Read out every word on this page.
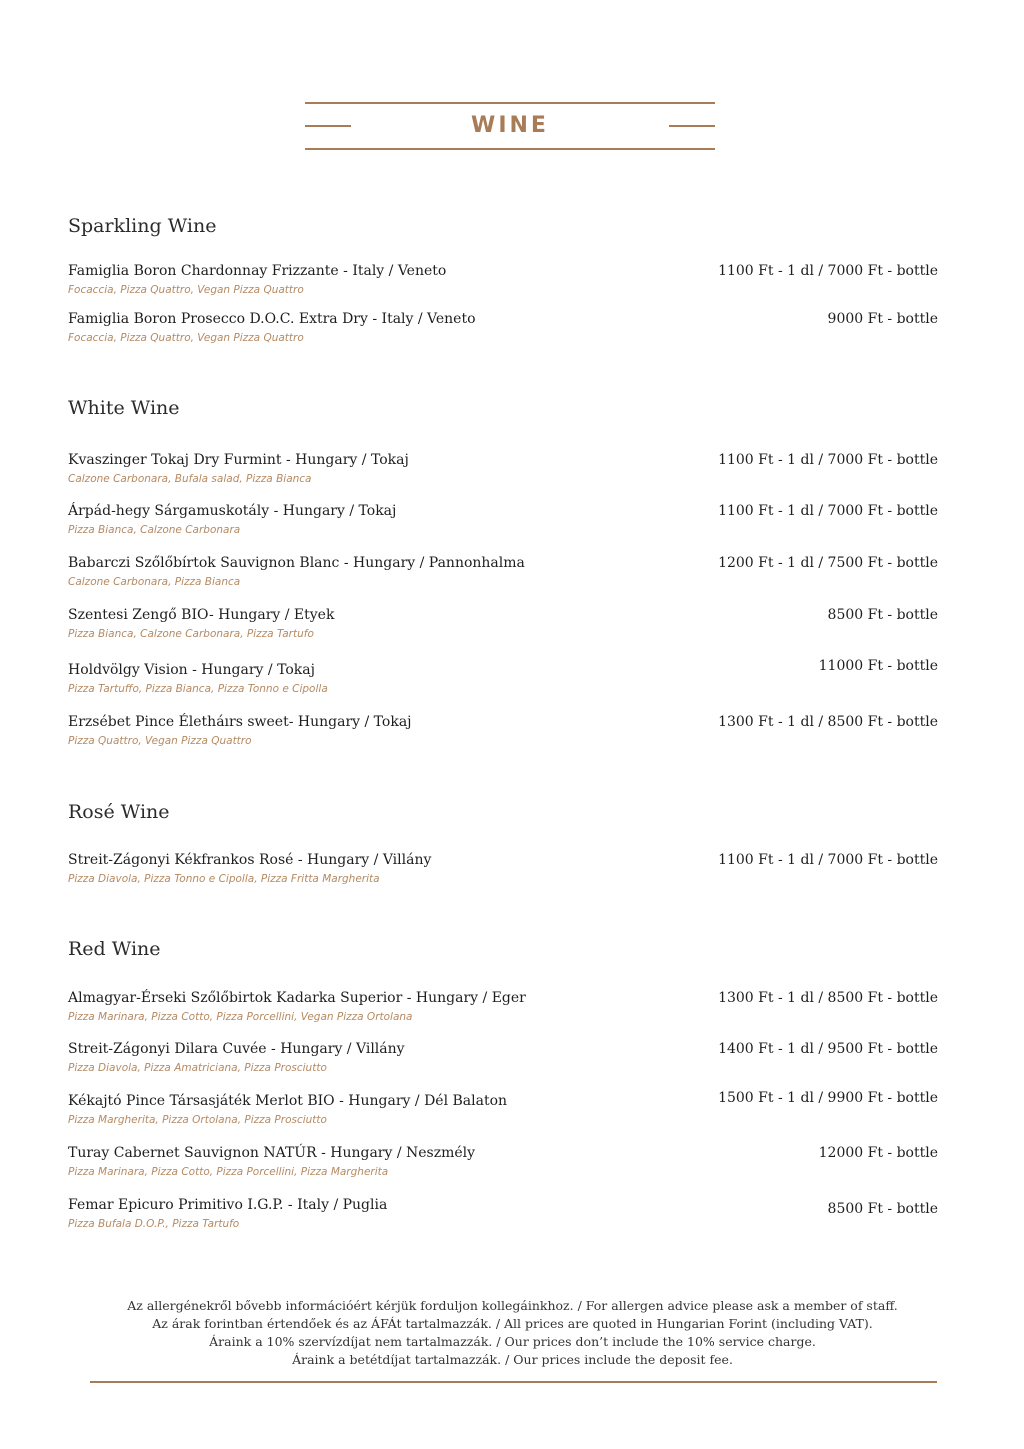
WINE
Sparkling Wine
Famiglia Boron Chardonnay Frizzante - Italy / Veneto
Focaccia, Pizza Quattro, Vegan Pizza Quattro
1100 Ft - 1 dl / 7000 Ft - bottle
Famiglia Boron Prosecco D.O.C. Extra Dry - Italy / Veneto
Focaccia, Pizza Quattro, Vegan Pizza Quattro
9000 Ft - bottle
White Wine
Kvaszinger Tokaj Dry Furmint - Hungary / Tokaj
Calzone Carbonara, Bufala salad, Pizza Bianca
1100 Ft - 1 dl / 7000 Ft - bottle
Árpád-hegy Sárgamuskotály - Hungary / Tokaj
Pizza Bianca, Calzone Carbonara
1100 Ft - 1 dl / 7000 Ft - bottle
Babarczi Szőlőbírtok Sauvignon Blanc - Hungary / Pannonhalma
Calzone Carbonara, Pizza Bianca
1200 Ft - 1 dl / 7500 Ft - bottle
Szentesi Zengő BIO- Hungary / Etyek
Pizza Bianca, Calzone Carbonara, Pizza Tartufo
8500 Ft - bottle
Holdvölgy Vision - Hungary / Tokaj
Pizza Tartuffo, Pizza Bianca, Pizza Tonno e Cipolla
11000 Ft - bottle
Erzsébet Pince Életháırs sweet- Hungary / Tokaj
Pizza Quattro, Vegan Pizza Quattro
1300 Ft - 1 dl / 8500 Ft - bottle
Rosé Wine
Streit-Zágonyi Kékfrankos Rosé - Hungary / Villány
Pizza Diavola, Pizza Tonno e Cipolla, Pizza Fritta Margherita
1100 Ft - 1 dl / 7000 Ft - bottle
Red Wine
Almagyar-Érseki Szőlőbirtok Kadarka Superior - Hungary / Eger
Pizza Marinara, Pizza Cotto, Pizza Porcellini, Vegan Pizza Ortolana
1300 Ft - 1 dl / 8500 Ft - bottle
Streit-Zágonyi Dilara Cuvée - Hungary / Villány
Pizza Diavola, Pizza Amatriciana, Pizza Prosciutto
1400 Ft - 1 dl / 9500 Ft - bottle
Kékajtó Pince Társasjáték Merlot BIO - Hungary / Dél Balaton
Pizza Margherita, Pizza Ortolana, Pizza Prosciutto
1500 Ft - 1 dl / 9900 Ft - bottle
Turay Cabernet Sauvignon NATÚR - Hungary / Neszmély
Pizza Marinara, Pizza Cotto, Pizza Porcellini, Pizza Margherita
12000 Ft - bottle
Femar Epicuro Primitivo I.G.P. - Italy / Puglia
Pizza Bufala D.O.P., Pizza Tartufo
8500 Ft - bottle
Az allergénekről bővebb információért kérjük forduljon kollegáinkhoz. / For allergen advice please ask a member of staff.
Az árak forintban értendőek és az ÁFÁt tartalmazzák. / All prices are quoted in Hungarian Forint (including VAT).
Áraink a 10% szervízdíjat nem tartalmazzák. / Our prices don’t include the 10% service charge.
Áraink a betétdíjat tartalmazzák. / Our prices include the deposit fee.
